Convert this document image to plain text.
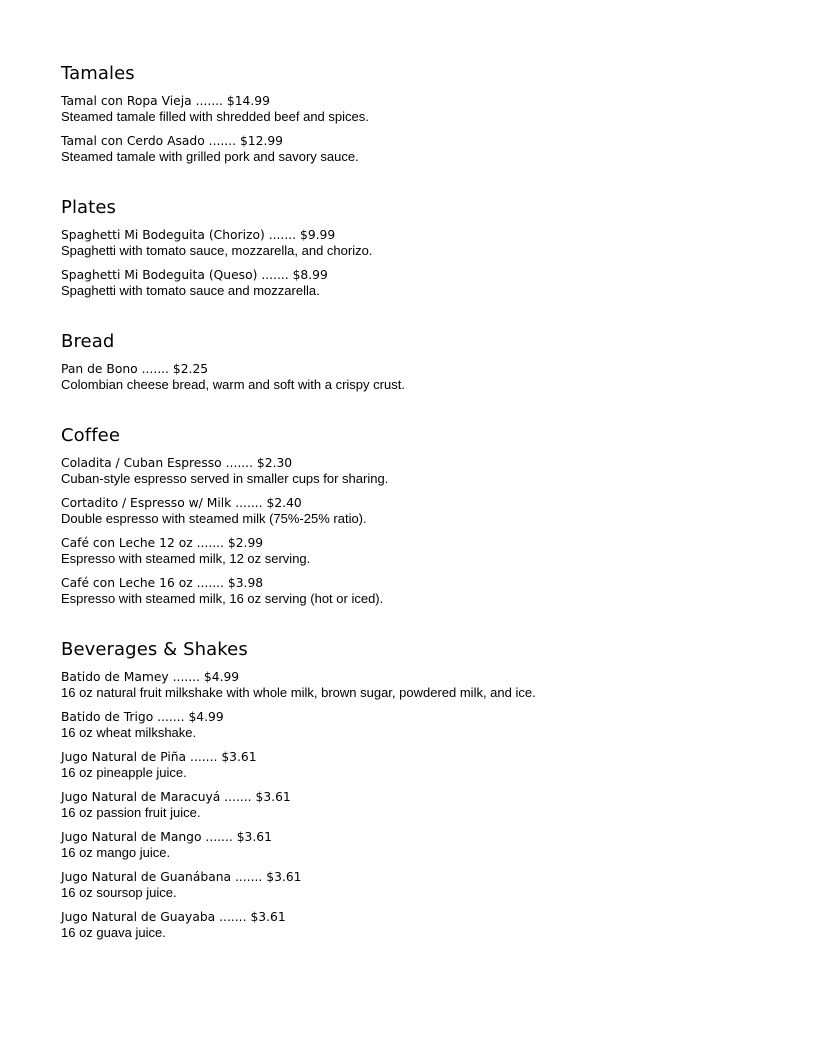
Tamales
Tamal con Ropa Vieja ....... $14.99
Steamed tamale filled with shredded beef and spices.
Tamal con Cerdo Asado ....... $12.99
Steamed tamale with grilled pork and savory sauce.
Plates
Spaghetti Mi Bodeguita (Chorizo) ....... $9.99
Spaghetti with tomato sauce, mozzarella, and chorizo.
Spaghetti Mi Bodeguita (Queso) ....... $8.99
Spaghetti with tomato sauce and mozzarella.
Bread
Pan de Bono ....... $2.25
Colombian cheese bread, warm and soft with a crispy crust.
Coffee
Coladita / Cuban Espresso ....... $2.30
Cuban-style espresso served in smaller cups for sharing.
Cortadito / Espresso w/ Milk ....... $2.40
Double espresso with steamed milk (75%-25% ratio).
Café con Leche 12 oz ....... $2.99
Espresso with steamed milk, 12 oz serving.
Café con Leche 16 oz ....... $3.98
Espresso with steamed milk, 16 oz serving (hot or iced).
Beverages & Shakes
Batido de Mamey ....... $4.99
16 oz natural fruit milkshake with whole milk, brown sugar, powdered milk, and ice.
Batido de Trigo ....... $4.99
16 oz wheat milkshake.
Jugo Natural de Piña ....... $3.61
16 oz pineapple juice.
Jugo Natural de Maracuyá ....... $3.61
16 oz passion fruit juice.
Jugo Natural de Mango ....... $3.61
16 oz mango juice.
Jugo Natural de Guanábana ....... $3.61
16 oz soursop juice.
Jugo Natural de Guayaba ....... $3.61
16 oz guava juice.
